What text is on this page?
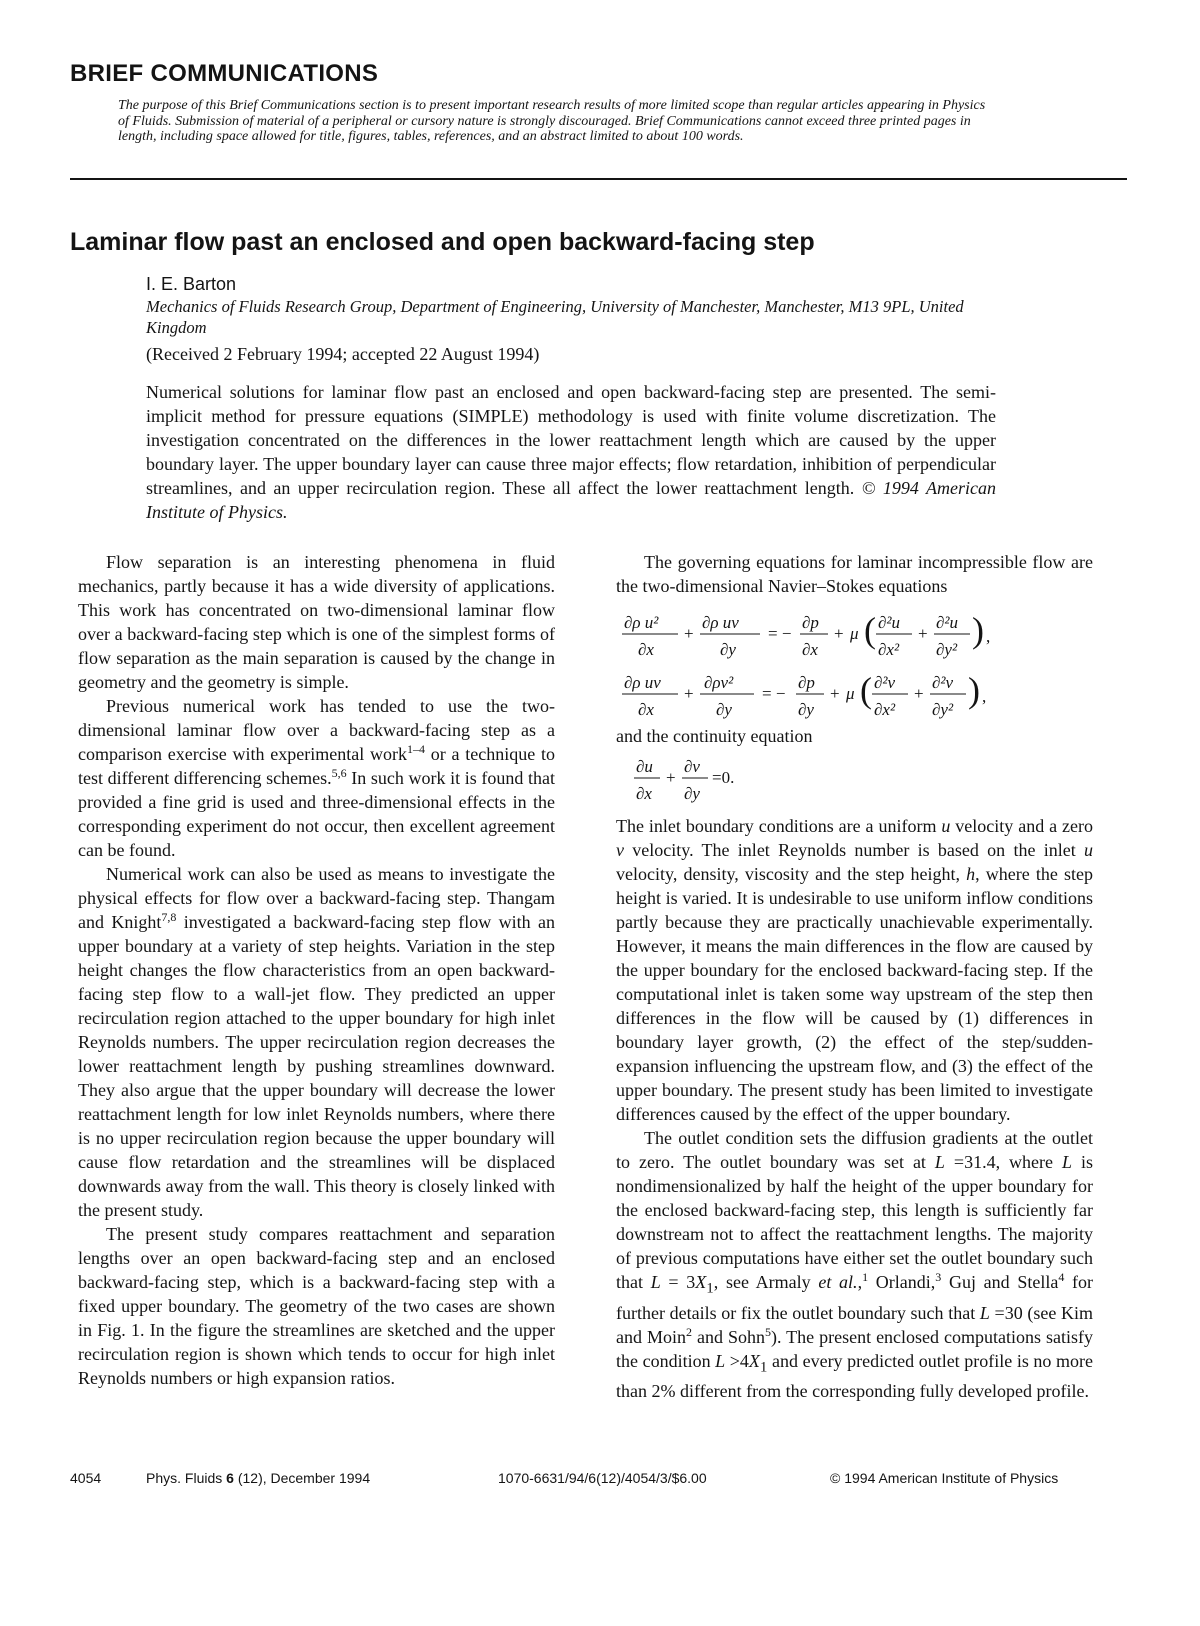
BRIEF COMMUNICATIONS
The purpose of this Brief Communications section is to present important research results of more limited scope than regular articles appearing in Physics of Fluids. Submission of material of a peripheral or cursory nature is strongly discouraged. Brief Communications cannot exceed three printed pages in length, including space allowed for title, figures, tables, references, and an abstract limited to about 100 words.
Laminar flow past an enclosed and open backward-facing step
I. E. Barton
Mechanics of Fluids Research Group, Department of Engineering, University of Manchester, Manchester, M13 9PL, United Kingdom
(Received 2 February 1994; accepted 22 August 1994)
Numerical solutions for laminar flow past an enclosed and open backward-facing step are presented. The semi-implicit method for pressure equations (SIMPLE) methodology is used with finite volume discretization. The investigation concentrated on the differences in the lower reattachment length which are caused by the upper boundary layer. The upper boundary layer can cause three major effects; flow retardation, inhibition of perpendicular streamlines, and an upper recirculation region. These all affect the lower reattachment length. © 1994 American Institute of Physics.

Flow separation is an interesting phenomena in fluid mechanics, partly because it has a wide diversity of applications. This work has concentrated on two-dimensional laminar flow over a backward-facing step which is one of the simplest forms of flow separation as the main separation is caused by the change in geometry and the geometry is simple.

Previous numerical work has tended to use the two-dimensional laminar flow over a backward-facing step as a comparison exercise with experimental work$^{1-4}$ or a technique to test different differencing schemes.$^{5,6}$ In such work it is found that provided a fine grid is used and three-dimensional effects in the corresponding experiment do not occur, then excellent agreement can be found.

Numerical work can also be used as means to investigate the physical effects for flow over a backward-facing step. Thangam and Knight$^{7,8}$ investigated a backward-facing step flow with an upper boundary at a variety of step heights. Variation in the step height changes the flow characteristics from an open backward-facing step flow to a wall-jet flow. They predicted an upper recirculation region attached to the upper boundary for high inlet Reynolds numbers. The upper recirculation region decreases the lower reattachment length by pushing streamlines downward. They also argue that the upper boundary will decrease the lower reattachment length for low inlet Reynolds numbers, where there is no upper recirculation region because the upper boundary will cause flow retardation and the streamlines will be displaced downwards away from the wall. This theory is closely linked with the present study.

The present study compares reattachment and separation lengths over an open backward-facing step and an enclosed backward-facing step, which is a backward-facing step with a fixed upper boundary. The geometry of the two cases are shown in Fig. 1. In the figure the streamlines are sketched and the upper recirculation region is shown which tends to occur for high inlet Reynolds numbers or high expansion ratios.

The governing equations for laminar incompressible flow are the two-dimensional Navier–Stokes equations

∂ρ u²
∂x
+
∂ρ uv
∂y
= −
∂p
∂x
+ μ ( ∂²u
∂x²
+
∂²u
∂y² ) ,
∂ρ uv
∂x
+
∂ρv²
∂y
= −
∂p
∂y
+ μ ( ∂²v
∂x²
+
∂²v
∂y² ) ,

and the continuity equation

∂u
∂x
+
∂v
∂y
=0.

The inlet boundary conditions are a uniform u velocity and a zero v velocity. The inlet Reynolds number is based on the inlet u velocity, density, viscosity and the step height, h, where the step height is varied. It is undesirable to use uniform inflow conditions partly because they are practically unachievable experimentally. However, it means the main differences in the flow are caused by the upper boundary for the enclosed backward-facing step. If the computational inlet is taken some way upstream of the step then differences in the flow will be caused by (1) differences in boundary layer growth, (2) the effect of the step/sudden-expansion influencing the upstream flow, and (3) the effect of the upper boundary. The present study has been limited to investigate differences caused by the effect of the upper boundary.

The outlet condition sets the diffusion gradients at the outlet to zero. The outlet boundary was set at L =31.4, where L is nondimensionalized by half the height of the upper boundary for the enclosed backward-facing step, this length is sufficiently far downstream not to affect the reattachment lengths. The majority of previous computations have either set the outlet boundary such that $L = 3X_1$, see Armaly et al.,$^1$ Orlandi,$^3$ Guj and Stella$^4$ for further details or fix the outlet boundary such that L =30 (see Kim and Moin$^2$ and Sohn$^5$). The present enclosed computations satisfy the condition $L >4X_1$ and every predicted outlet profile is no more than 2% different from the corresponding fully developed profile.

4054	Phys. Fluids 6 (12), December 1994	1070-6631/94/6(12)/4054/3/$6.00	© 1994 American Institute of Physics
